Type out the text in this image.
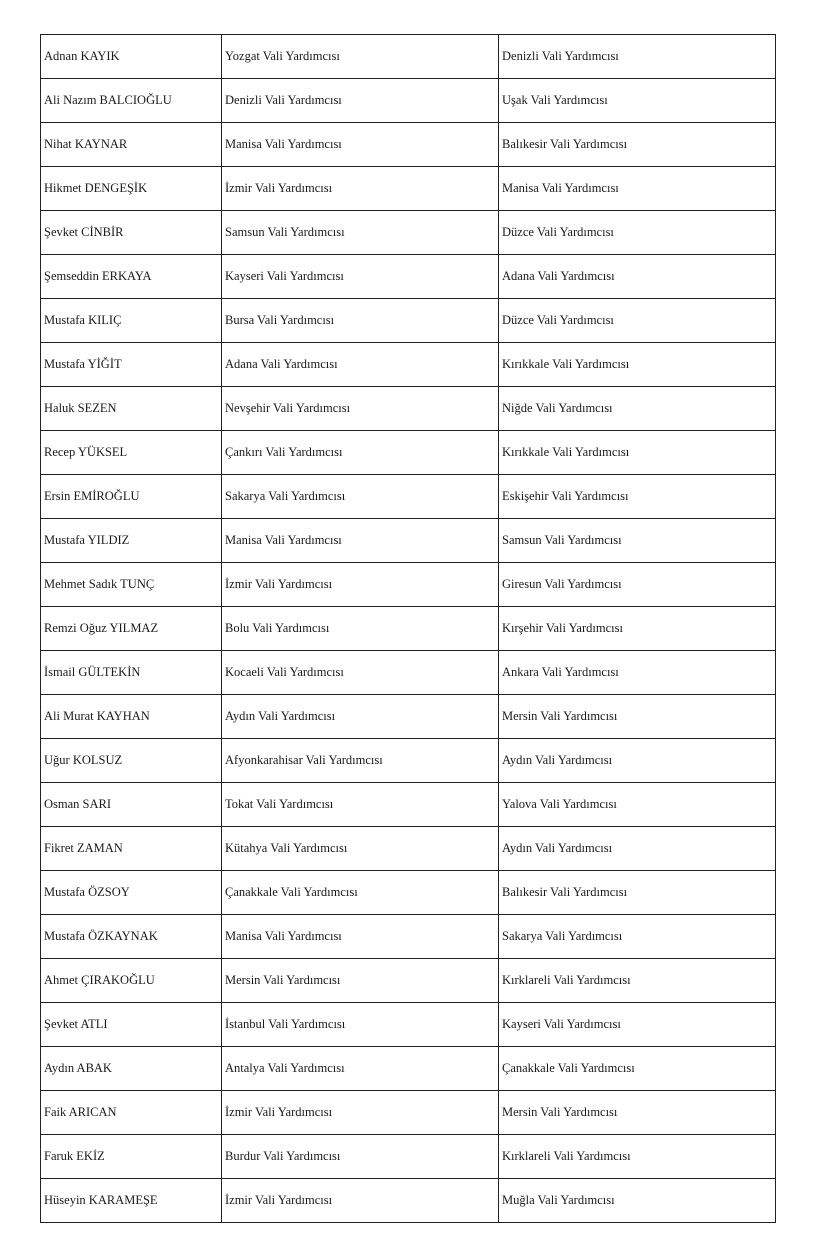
Adnan KAYIK	Yozgat Vali Yardımcısı	Denizli Vali Yardımcısı
Ali Nazım BALCIOĞLU	Denizli Vali Yardımcısı	Uşak Vali Yardımcısı
Nihat KAYNAR	Manisa Vali Yardımcısı	Balıkesir Vali Yardımcısı
Hikmet DENGEŞİK	İzmir Vali Yardımcısı	Manisa Vali Yardımcısı
Şevket CİNBİR	Samsun Vali Yardımcısı	Düzce Vali Yardımcısı
Şemseddin ERKAYA	Kayseri Vali Yardımcısı	Adana Vali Yardımcısı
Mustafa KILIÇ	Bursa Vali Yardımcısı	Düzce Vali Yardımcısı
Mustafa YİĞİT	Adana Vali Yardımcısı	Kırıkkale Vali Yardımcısı
Haluk SEZEN	Nevşehir Vali Yardımcısı	Niğde Vali Yardımcısı
Recep YÜKSEL	Çankırı Vali Yardımcısı	Kırıkkale Vali Yardımcısı
Ersin EMİROĞLU	Sakarya Vali Yardımcısı	Eskişehir Vali Yardımcısı
Mustafa YILDIZ	Manisa Vali Yardımcısı	Samsun Vali Yardımcısı
Mehmet Sadık TUNÇ	İzmir Vali Yardımcısı	Giresun Vali Yardımcısı
Remzi Oğuz YILMAZ	Bolu Vali Yardımcısı	Kırşehir Vali Yardımcısı
İsmail GÜLTEKİN	Kocaeli Vali Yardımcısı	Ankara Vali Yardımcısı
Ali Murat KAYHAN	Aydın Vali Yardımcısı	Mersin Vali Yardımcısı
Uğur KOLSUZ	Afyonkarahisar Vali Yardımcısı	Aydın Vali Yardımcısı
Osman SARI	Tokat Vali Yardımcısı	Yalova Vali Yardımcısı
Fikret ZAMAN	Kütahya Vali Yardımcısı	Aydın Vali Yardımcısı
Mustafa ÖZSOY	Çanakkale Vali Yardımcısı	Balıkesir Vali Yardımcısı
Mustafa ÖZKAYNAK	Manisa Vali Yardımcısı	Sakarya Vali Yardımcısı
Ahmet ÇIRAKOĞLU	Mersin Vali Yardımcısı	Kırklareli Vali Yardımcısı
Şevket ATLI	İstanbul Vali Yardımcısı	Kayseri Vali Yardımcısı
Aydın ABAK	Antalya Vali Yardımcısı	Çanakkale Vali Yardımcısı
Faik ARICAN	İzmir Vali Yardımcısı	Mersin Vali Yardımcısı
Faruk EKİZ	Burdur Vali Yardımcısı	Kırklareli Vali Yardımcısı
Hüseyin KARAMEŞE	İzmir Vali Yardımcısı	Muğla Vali Yardımcısı
